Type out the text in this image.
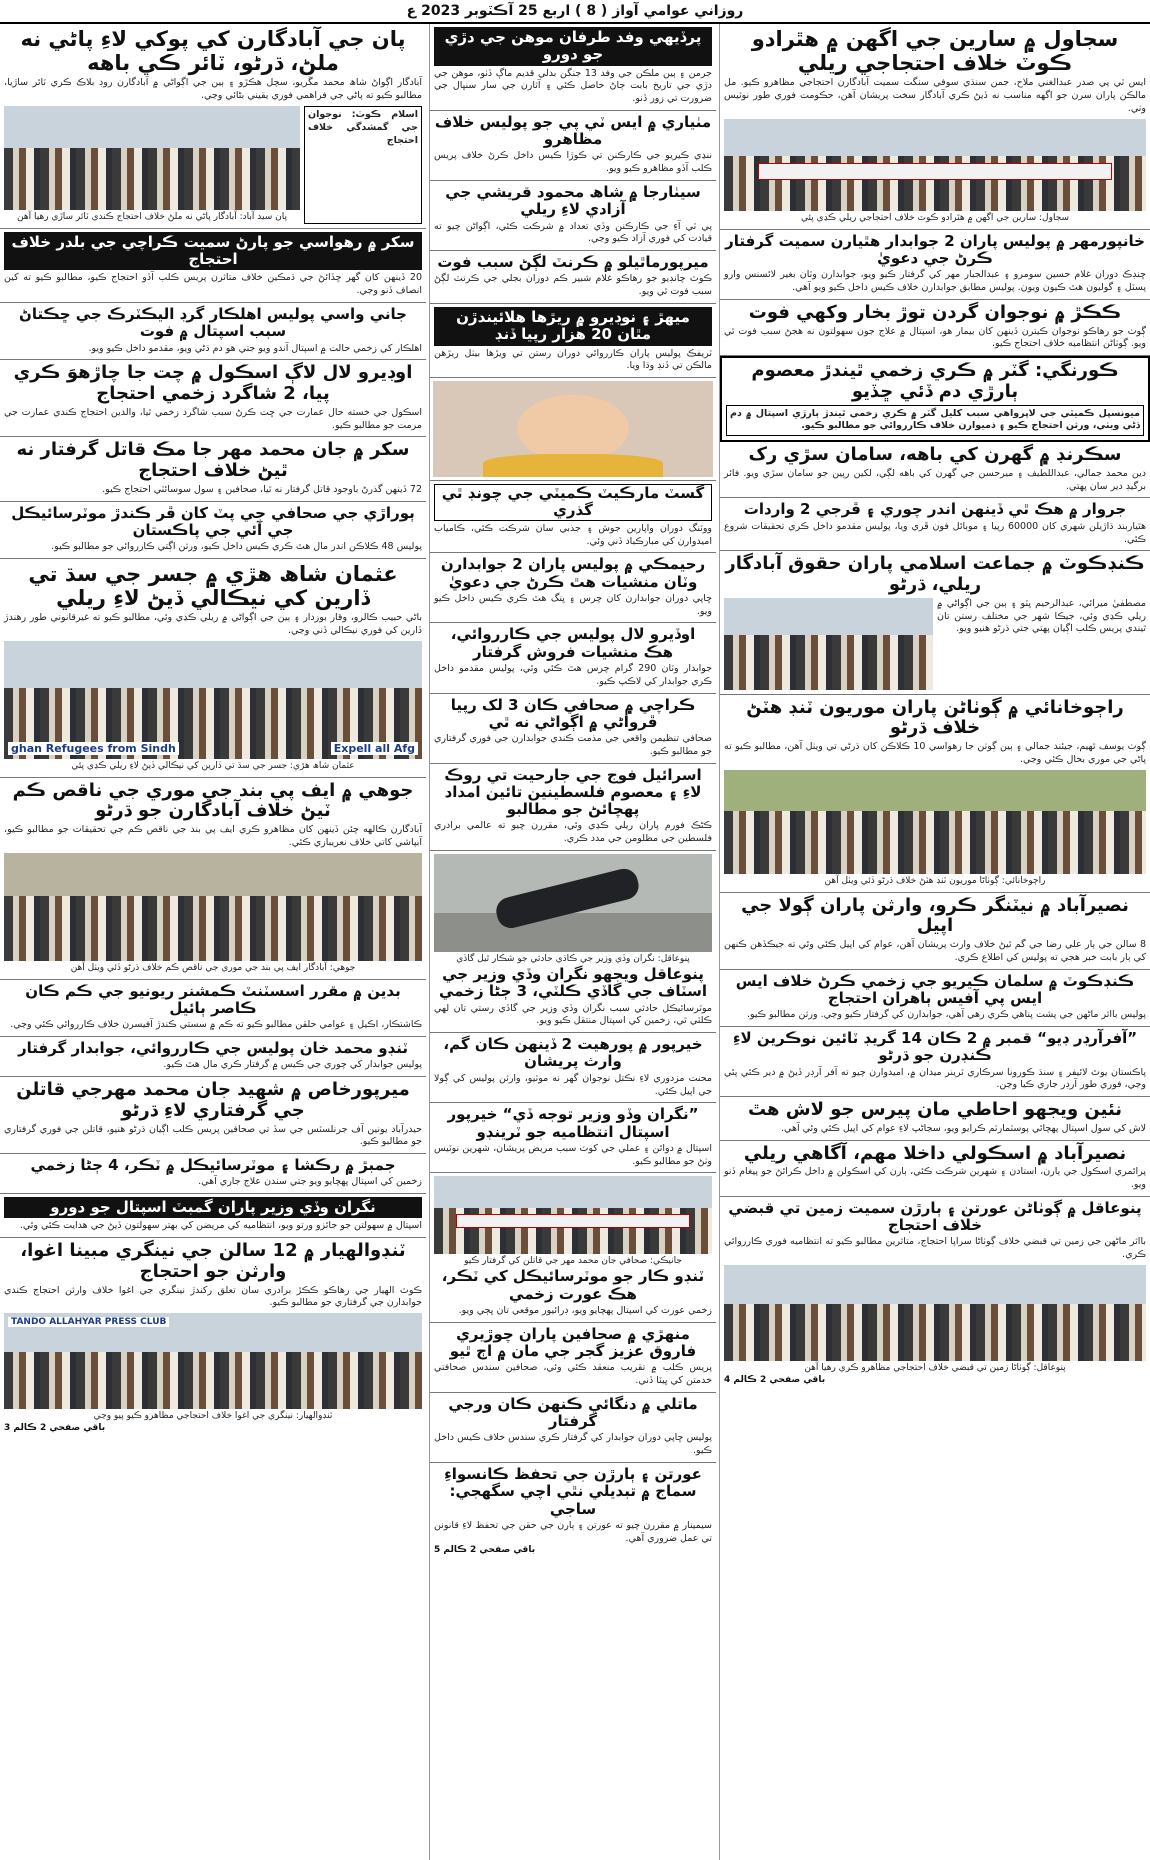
روزاني عوامي آواز ( 8 ) اربع 25 آڪٽوبر 2023 ع
سجاول ۾ سارين جي اگهن ۾ هٿرادو ڪوٽ خلاف احتجاجي ريلي
ايس ٽي پي صدر عبدالغني ملاح، جمن سنڌي سوفي سنگت سميت آبادگارن احتجاجي مظاهرو ڪيو. مل مالڪن پاران سرن جو اگهه مناسب نه ڏيڻ ڪري آبادگار سخت پريشان آهن، حڪومت فوري طور نوٽيس وٺي.
سجاول: سارين جي اگهن ۾ هٿرادو ڪوٽ خلاف احتجاجي ريلي ڪڍي پئي
خانپورمهر ۾ پوليس پاران 2 جوابدار هٿيارن سميت گرفتار ڪرڻ جي دعويٰ
ڇنڊڪ دوران غلام حسين سومرو ۽ عبدالجبار مهر کي گرفتار ڪيو ويو، جوابدارن وٽان بغير لائسنس وارو پسٽل ۽ گوليون هٿ ڪيون ويون. پوليس مطابق جوابدارن خلاف ڪيس داخل ڪيو ويو آهي.
ڪڪڙ ۾ نوجوان گردن توڙ بخار وکهي فوت
ڳوٺ جو رهاڪو نوجوان ڪيترن ڏينهن کان بيمار هو، اسپتال ۾ علاج جون سهولتون نه هجڻ سبب فوت ٿي ويو. ڳوٺاڻن انتظاميه خلاف احتجاج ڪيو.
ڪورنگي: گٽر ۾ ڪري زخمي ٿيندڙ معصوم ٻارڙي دم ڏئي ڇڏيو
ميونسپل ڪميٽي جي لاپرواهي سبب کليل گٽر ۾ ڪري زخمي ٿيندڙ ٻارڙي اسپتال ۾ دم ڌڻي ويٺي، ورثن احتجاج ڪيو ۽ ذميوارن خلاف ڪارروائي جو مطالبو ڪيو.
سڪرنڊ ۾ گهرن کي باهه، سامان سڙي رک
دين محمد جمالي، عبداللطيف ۽ ميرحسن جي گهرن کي باهه لڳي، لکين رپين جو سامان سڙي ويو. فائر برگيڊ دير سان پهتي.
جروار ۾ هڪ ٿي ڏينهن اندر چوري ۽ ڦرجي 2 واردات
هٿياربند ڌاڙيلن شهري کان 60000 رپيا ۽ موبائل فون ڦري ويا، پوليس مقدمو داخل ڪري تحقيقات شروع ڪئي.
ڪنڊڪوٽ ۾ جماعت اسلامي پاران حقوق آبادگار ريلي، ڌرڻو
مصطفيٰ ميرائي، عبدالرحيم ڀٽو ۽ ٻين جي اڳواڻي ۾ ريلي ڪڍي وئي، جيڪا شهر جي مختلف رستن تان ٿيندي پريس ڪلب اڳيان پهتي جتي ڌرڻو هنيو ويو.
راڄوخانائي ۾ ڳوٺاڻن پاران موريون ٽنڊ هٽڻ خلاف ڌرڻو
ڳوٺ يوسف ٿهيم، جيئند جمالي ۽ ٻين ڳوٺن جا رهواسي 10 ڪلاڪن کان ڌرڻي تي ويٺل آهن، مطالبو ڪيو ته پاڻي جي موري بحال ڪئي وڃي.
راڄوخانائي: ڳوٺاڻا موريون ٽنڊ هٽڻ خلاف ڌرڻو ڏئي ويٺل آهن
نصيرآباد ۾ نيٽنگر ڪرو، وارثن پاران ڳولا جي اپيل
8 سالن جي ٻار علي رضا جي گم ٿيڻ خلاف وارث پريشان آهن، عوام کي اپيل ڪئي وئي ته جيڪڏهن ڪنهن کي ٻار بابت خبر هجي ته پوليس کي اطلاع ڪري.
ڪنڊڪوٽ ۾ سلمان ڪيريو جي زخمي ڪرڻ خلاف ايس ايس پي آفيس ٻاهران احتجاج
پوليس بااثر ماڻهن جي پشت پناهي ڪري رهي آهي، جوابدارن کي گرفتار ڪيو وڃي. ورثن مطالبو ڪيو.
”آفرآرڊر ڊيو“ قمبر ۾ 2 ڪان 14 گريڊ ٽائين نوڪرين لاءِ ڪنڊرن جو ڌرڻو
پاڪستان يوٿ لائيفر ۽ سنڌ ڪورونا سرڪاري ٽرينر ميدان ۾، اميدوارن چيو ته آفر آرڊر ڏيڻ ۾ دير ڪئي پئي وڃي، فوري طور آرڊر جاري ڪيا وڃن.
نئين ويجهو احاطي مان پيرس جو لاش هٿ
لاش کي سول اسپتال پهچائي پوسٽمارٽم ڪرايو ويو، سڃاڻپ لاءِ عوام کي اپيل ڪئي وئي آهي.
نصيرآباد ۾ اسڪولي داخلا مهم، آگاهي ريلي
پرائمري اسڪول جي ٻارن، استادن ۽ شهرين شرڪت ڪئي، ٻارن کي اسڪولن ۾ داخل ڪرائڻ جو پيغام ڏنو ويو.
پنوعاقل ۾ ڳوٺاڻن عورتن ۽ ٻارڙن سميت زمين تي قبضي خلاف احتجاج
بااثر ماڻهن جي زمين تي قبضي خلاف ڳوٺاڻا سراپا احتجاج، متاثرين مطالبو ڪيو ته انتظاميه فوري ڪارروائي ڪري.
پنوعاقل: ڳوٺاڻا زمين تي قبضي خلاف احتجاجي مظاهرو ڪري رهيا آهن
باقي صفحي 2 ڪالم 4
پرڏيهي وفد طرفان موهن جي دڙي جو دورو
جرمن ۽ ٻين ملڪن جي وفد 13 جنگن بدلي قديم ماڳ ڏٺو، موهن جي دڙي جي تاريخ بابت ڄاڻ حاصل ڪئي ۽ آثارن جي سار سنڀال جي ضرورت تي زور ڏنو.
مٺياري ۾ ايس ٽي پي جو پوليس خلاف مظاهرو
ننڍي ڪيريو جي ڪارڪنن تي ڪوڙا ڪيس داخل ڪرڻ خلاف پريس ڪلب آڏو مظاهرو ڪيو ويو.
سيٺارجا ۾ شاھ محمود قريشي جي آزادي لاءِ ريلي
پي ٽي آءِ جي ڪارڪنن وڏي تعداد ۾ شرڪت ڪئي، اڳواڻن چيو ته قيادت کي فوري آزاد ڪيو وڃي.
ميرپورماٿيلو ۾ ڪرنٽ لڳڻ سبب فوت
ڪوٽ چانڊيو جو رهاڪو غلام شبير ڪم دوران بجلي جي ڪرنٽ لڳڻ سبب فوت ٿي ويو.
ميهڙ ۽ نوڊيرو ۾ ريڙها هلائيندڙن مٿان 20 هزار رپيا ڏنڊ
ٽريفڪ پوليس پاران ڪارروائي دوران رستن تي ويڙها بيٺل ريڙهن مالڪن تي ڏنڊ وڌا ويا.
گسٽ مارڪيٽ ڪميٽي جي چونڊ ٿي گذري
ووٽنگ دوران واپارين جوش ۽ جذبي سان شرڪت ڪئي، ڪامياب اميدوارن کي مبارڪباد ڏني وئي.
رحيمڪي ۾ پوليس پاران 2 جوابدارن وٽان منشيات هٿ ڪرڻ جي دعويٰ
ڇاپي دوران جوابدارن کان چرس ۽ ڀنگ هٿ ڪري ڪيس داخل ڪيو ويو.
اوڏيرو لال پوليس جي ڪارروائي، هڪ منشيات فروش گرفتار
جوابدار وٽان 290 گرام چرس هٿ ڪئي وئي، پوليس مقدمو داخل ڪري جوابدار کي لاڪپ ڪيو.
ڪراچي ۾ صحافي ڪان 3 لک رپيا ڦرواڻي ۾ اڳواڻي نه ٿي
صحافي تنظيمن واقعي جي مذمت ڪندي جوابدارن جي فوري گرفتاري جو مطالبو ڪيو.
اسرائيل فوج جي جارحيت تي روڪ لاءِ ۽ معصوم فلسطينين تائين امداد پهچائڻ جو مطالبو
ڪڻڪ فورم پاران ريلي ڪڍي وئي، مقررن چيو ته عالمي برادري فلسطين جي مظلومن جي مدد ڪري.
پنوعاقل: نگران وڏي وزير جي ڪاڌي حادثي جو شڪار ٿيل گاڏي
پنوعاقل ويجهو نگران وڏي وزير جي اسٽاف جي گاڏي ڪلٽي، 3 ڄڻا زخمي
موٽرسائيڪل حادثي سبب نگران وڏي وزير جي گاڏي رستي تان لهي ڪلٽي ٿي، زخمين کي اسپتال منتقل ڪيو ويو.
خيرپور ۾ پورهيت 2 ڏينهن ڪان گم، وارث پريشان
محنت مزدوري لاءِ نڪتل نوجوان گهر نه موٽيو، وارثن پوليس کي ڳولا جي اپيل ڪئي.
”نگران وڏو وزير توجه ڏي“ خيرپور اسپتال انتظاميه جو ٽرينڊو
اسپتال ۾ دوائن ۽ عملي جي کوٽ سبب مريض پريشان، شهرين نوٽيس وٺڻ جو مطالبو ڪيو.
جانيڪي: صحافي جان محمد مهر جي قاتلن کي گرفتار ڪيو
ٽنڊو ڪار جو موٽرسائيڪل کي ٽڪر، هڪ عورت زخمي
زخمي عورت کي اسپتال پهچايو ويو، ڊرائيور موقعي تان ڀڄي ويو.
منهڙي ۾ صحافين پاران چوڙيري فاروق عزيز گجر جي مان ۾ اڄ ٿيو
پريس ڪلب ۾ تقريب منعقد ڪئي وئي، صحافين سندس صحافتي خدمتن کي ڀيٽا ڏني.
ماتلي ۾ دنگائي ڪنهن ڪان ورجي گرفتار
پوليس ڇاپي دوران جوابدار کي گرفتار ڪري سندس خلاف ڪيس داخل ڪيو.
عورتن ۽ ٻارڙن جي تحفظ ڪانسواءِ سماج ۾ تبديلي نٿي اچي سگهجي: ساجي
سيمينار ۾ مقررن چيو ته عورتن ۽ ٻارن جي حقن جي تحفظ لاءِ قانونن تي عمل ضروري آهي.
باقي صفحي 2 ڪالم 5
پان جي آبادگارن کي پوکي لاءِ پاڻي نه ملڻ، ڌرڻو، ٽائر ڪي باهه
آبادگار اڳواڻ شاھ محمد مڱريو، سچل هڪڙو ۽ ٻين جي اڳواڻي ۾ آبادگارن روڊ بلاڪ ڪري ٽائر ساڙيا، مطالبو ڪيو ته پاڻي جي فراهمي فوري يقيني بڻائي وڃي.
اسلام ڪوٽ: نوجوان جي گمشدگي خلاف احتجاج
پان سيد آباد: آبادگار پاڻي نه ملڻ خلاف احتجاج ڪندي ٽائر ساڙي رهيا آهن
سکر ۾ رهواسي جو پارڻ سميت ڪراچي جي بلدر خلاف احتجاج
20 ڏينهن کان گهر ڇڏائڻ جي ڌمڪين خلاف متاثرن پريس ڪلب آڏو احتجاج ڪيو، مطالبو ڪيو ته کين انصاف ڏنو وڃي.
جاني واسي پوليس اهلڪار گرڊ اليڪٽرڪ جي ڇڪتاڻ سبب اسپتال ۾ فوت
اهلڪار کي زخمي حالت ۾ اسپتال آندو ويو جتي هو دم ڌڻي ويو، مقدمو داخل ڪيو ويو.
اوڊيرو لال لاڳ اسڪول ۾ چت جا چاڙهوَ ڪري پيا، 2 شاگرد زخمي احتجاج
اسڪول جي خسته حال عمارت جي ڇت ڪرڻ سبب شاگرد زخمي ٿيا، والدين احتجاج ڪندي عمارت جي مرمت جو مطالبو ڪيو.
سکر ۾ جان محمد مهر جا مڪ قاتل گرفتار نه ٿيڻ خلاف احتجاج
72 ڏينهن گذرڻ باوجود قاتل گرفتار نه ٿيا، صحافين ۽ سول سوسائٽي احتجاج ڪيو.
ٻوراڙي جي صحافي جي پٽ کان ڦر ڪندڙ موٽرسائيڪل جي آئي جي پاڪستان
پوليس 48 ڪلاڪن اندر مال هٿ ڪري ڪيس داخل ڪيو، ورثن اڳتي ڪارروائي جو مطالبو ڪيو.
عثمان شاھ هڙي ۾ جسر جي سڌ تي ڏارين کي نيڪالي ڏيڻ لاءِ ريلي
باڻي حبيب ڪالرو، وقار بوزدار ۽ ٻين جي اڳواڻي ۾ ريلي ڪڍي وئي، مطالبو ڪيو ته غيرقانوني طور رهندڙ ڏارين کي فوري نيڪالي ڏني وڃي.
ghan Refugees from Sindh	Expell all Afg
عثمان شاھ هڙي: جسر جي سڌ تي ڏارين کي نيڪالي ڏيڻ لاءِ ريلي ڪڍي پئي
جوهي ۾ ايف پي بند جي موري جي ناقص ڪم ٽيڻ خلاف آبادگارن جو ڌرڻو
آبادگارن ڪالهه چئن ڏينهن کان مظاهرو ڪري ايف پي بند جي ناقص ڪم جي تحقيقات جو مطالبو ڪيو، آبپاشي کاتي خلاف نعريبازي ڪئي.
جوهي: آبادگار ايف پي بند جي موري جي ناقص ڪم خلاف ڌرڻو ڏئي ويٺل آهن
بدين ۾ مقرر اسسٽنٽ ڪمشنر ريونيو جي ڪم ڪان ڪاصر ٻائيل
ڪاشتڪار، اڪيل ۽ عوامي حلقن مطالبو ڪيو ته ڪم ۾ سستي ڪندڙ آفيسرن خلاف ڪارروائي ڪئي وڃي.
ٽنڊو محمد خان پوليس جي ڪارروائي، جوابدار گرفتار
پوليس جوابدار کي چوري جي ڪيس ۾ گرفتار ڪري مال هٿ ڪيو.
ميرپورخاص ۾ شهيد جان محمد مهرجي قاتلن جي گرفتاري لاءِ ڌرڻو
حيدرآباد يونين آف جرنلسٽس جي سڏ تي صحافين پريس ڪلب اڳيان ڌرڻو هنيو، قاتلن جي فوري گرفتاري جو مطالبو ڪيو.
جمبڙ ۾ رڪشا ۽ موٽرسائيڪل ۾ ٽڪر، 4 ڄڻا زخمي
زخمين کي اسپتال پهچايو ويو جتي سندن علاج جاري آهي.
نگران وڏي وزير پاران گمبٽ اسپتال جو دورو
اسپتال ۾ سهولتن جو جائزو ورتو ويو، انتظاميه کي مريضن کي بهتر سهولتون ڏيڻ جي هدايت ڪئي وئي.
ٽنڊوالهيار ۾ 12 سالن جي نينگري مبينا اغوا، وارثن جو احتجاج
ڪوٽ الهيار جي رهاڪو ڪڪڙ برادري سان تعلق رکندڙ نينگري جي اغوا خلاف وارثن احتجاج ڪندي جوابدارن جي گرفتاري جو مطالبو ڪيو.
TANDO ALLAHYAR PRESS CLUB
ٽنڊوالهيار: نينگري جي اغوا خلاف احتجاجي مظاهرو ڪيو پيو وڃي
باقي صفحي 2 ڪالم 3
